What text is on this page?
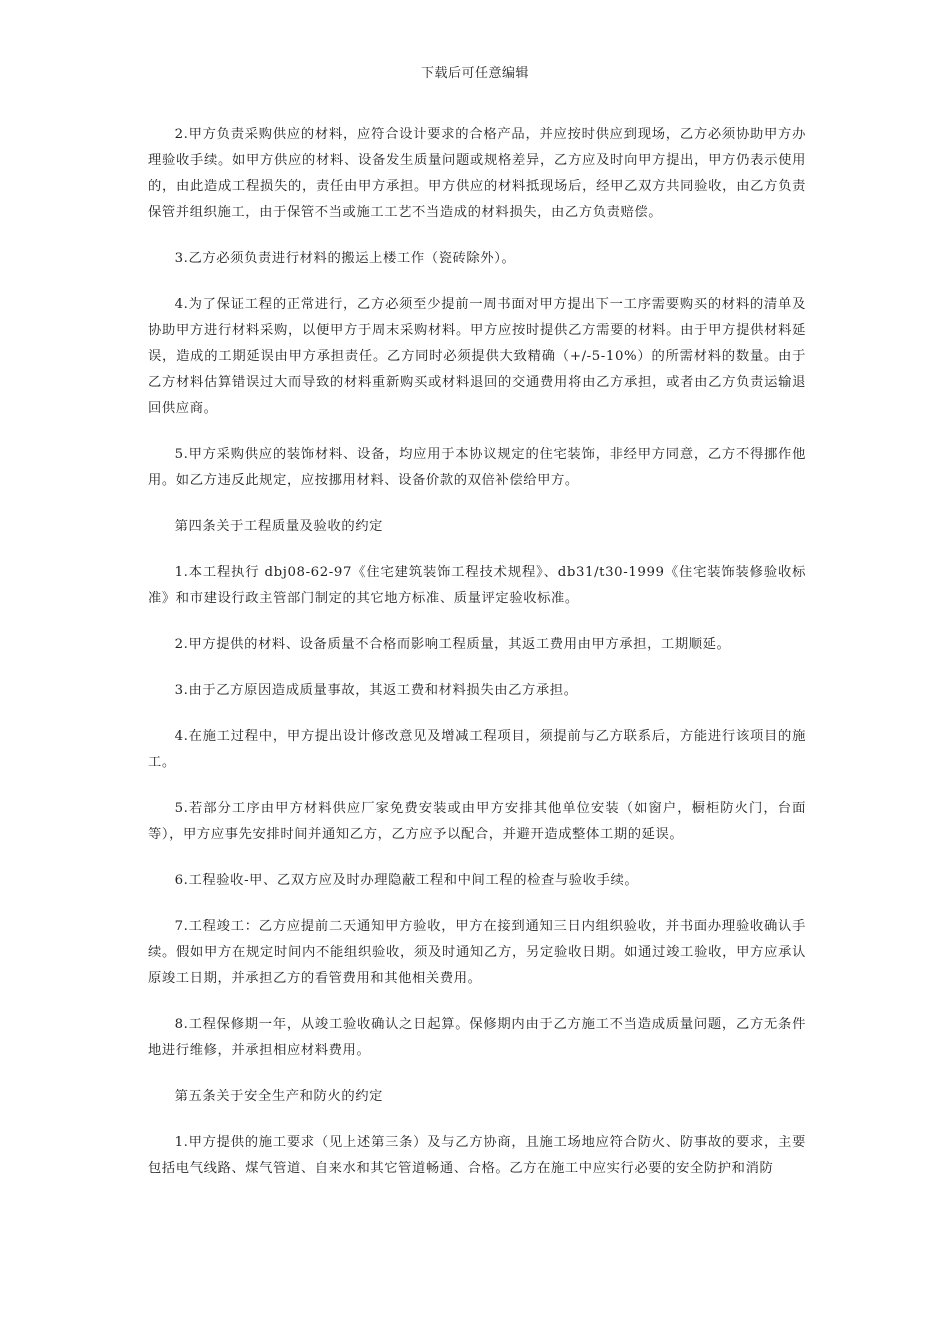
下载后可任意编辑

2.甲方负责采购供应的材料，应符合设计要求的合格产品，并应按时供应到现场，乙方必须协助甲方办理验收手续。如甲方供应的材料、设备发生质量问题或规格差异，乙方应及时向甲方提出，甲方仍表示使用的，由此造成工程损失的，责任由甲方承担。甲方供应的材料抵现场后，经甲乙双方共同验收，由乙方负责保管并组织施工，由于保管不当或施工工艺不当造成的材料损失，由乙方负责赔偿。

3.乙方必须负责进行材料的搬运上楼工作（瓷砖除外）。

4.为了保证工程的正常进行，乙方必须至少提前一周书面对甲方提出下一工序需要购买的材料的清单及协助甲方进行材料采购，以便甲方于周末采购材料。甲方应按时提供乙方需要的材料。由于甲方提供材料延误，造成的工期延误由甲方承担责任。乙方同时必须提供大致精确（+/-5-10%）的所需材料的数量。由于乙方材料估算错误过大而导致的材料重新购买或材料退回的交通费用将由乙方承担，或者由乙方负责运输退回供应商。

5.甲方采购供应的装饰材料、设备，均应用于本协议规定的住宅装饰，非经甲方同意，乙方不得挪作他用。如乙方违反此规定，应按挪用材料、设备价款的双倍补偿给甲方。

第四条关于工程质量及验收的约定

1.本工程执行 dbj08-62-97《住宅建筑装饰工程技术规程》、db31/t30-1999《住宅装饰装修验收标准》和市建设行政主管部门制定的其它地方标准、质量评定验收标准。

2.甲方提供的材料、设备质量不合格而影响工程质量，其返工费用由甲方承担，工期顺延。

3.由于乙方原因造成质量事故，其返工费和材料损失由乙方承担。

4.在施工过程中，甲方提出设计修改意见及增减工程项目，须提前与乙方联系后，方能进行该项目的施工。

5.若部分工序由甲方材料供应厂家免费安装或由甲方安排其他单位安装（如窗户，橱柜防火门，台面等），甲方应事先安排时间并通知乙方，乙方应予以配合，并避开造成整体工期的延误。

6.工程验收-甲、乙双方应及时办理隐蔽工程和中间工程的检查与验收手续。

7.工程竣工：乙方应提前二天通知甲方验收，甲方在接到通知三日内组织验收，并书面办理验收确认手续。假如甲方在规定时间内不能组织验收，须及时通知乙方，另定验收日期。如通过竣工验收，甲方应承认原竣工日期，并承担乙方的看管费用和其他相关费用。

8.工程保修期一年，从竣工验收确认之日起算。保修期内由于乙方施工不当造成质量问题，乙方无条件地进行维修，并承担相应材料费用。

第五条关于安全生产和防火的约定

1.甲方提供的施工要求（见上述第三条）及与乙方协商，且施工场地应符合防火、防事故的要求，主要包括电气线路、煤气管道、自来水和其它管道畅通、合格。乙方在施工中应实行必要的安全防护和消防
